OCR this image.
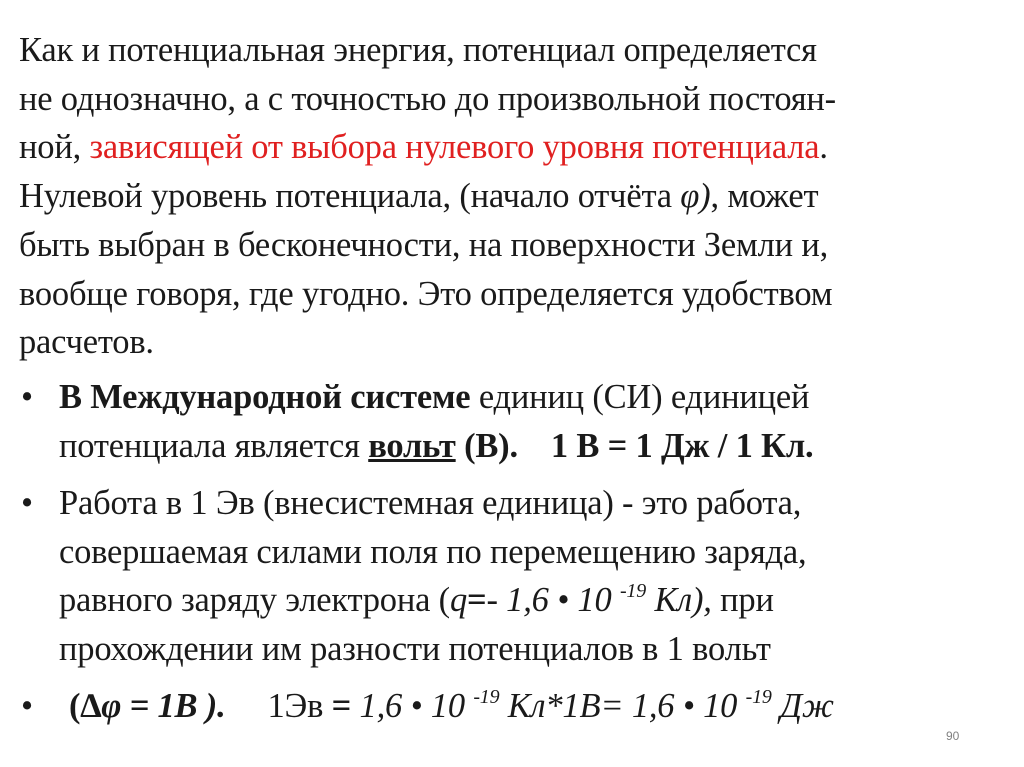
Как и потенциальная энергия, потенциал определяется
не однозначно, а с точностью до произвольной постоян-
ной, зависящей от выбора нулевого уровня потенциала.
Нулевой уровень потенциала, (начало отчёта φ), может
быть выбран в бесконечности, на поверхности Земли и,
вообще говоря, где угодно. Это определяется удобством
расчетов.
• В Международной системе единиц (СИ) единицей
потенциала является вольт (В). 1 В = 1 Дж / 1 Кл.
• Работа в 1 Эв (внесистемная единица) - это работа,
совершаемая силами поля по перемещению заряда,
равного заряду электрона (q=- 1,6 • 10 $^{-19}$ Кл), при
прохождении им разности потенциалов в 1 вольт
• (∆φ = 1В ). 1Эв = 1,6 • 10 $^{-19}$ Кл*1В= 1,6 • 10 $^{-19}$ Дж
90
